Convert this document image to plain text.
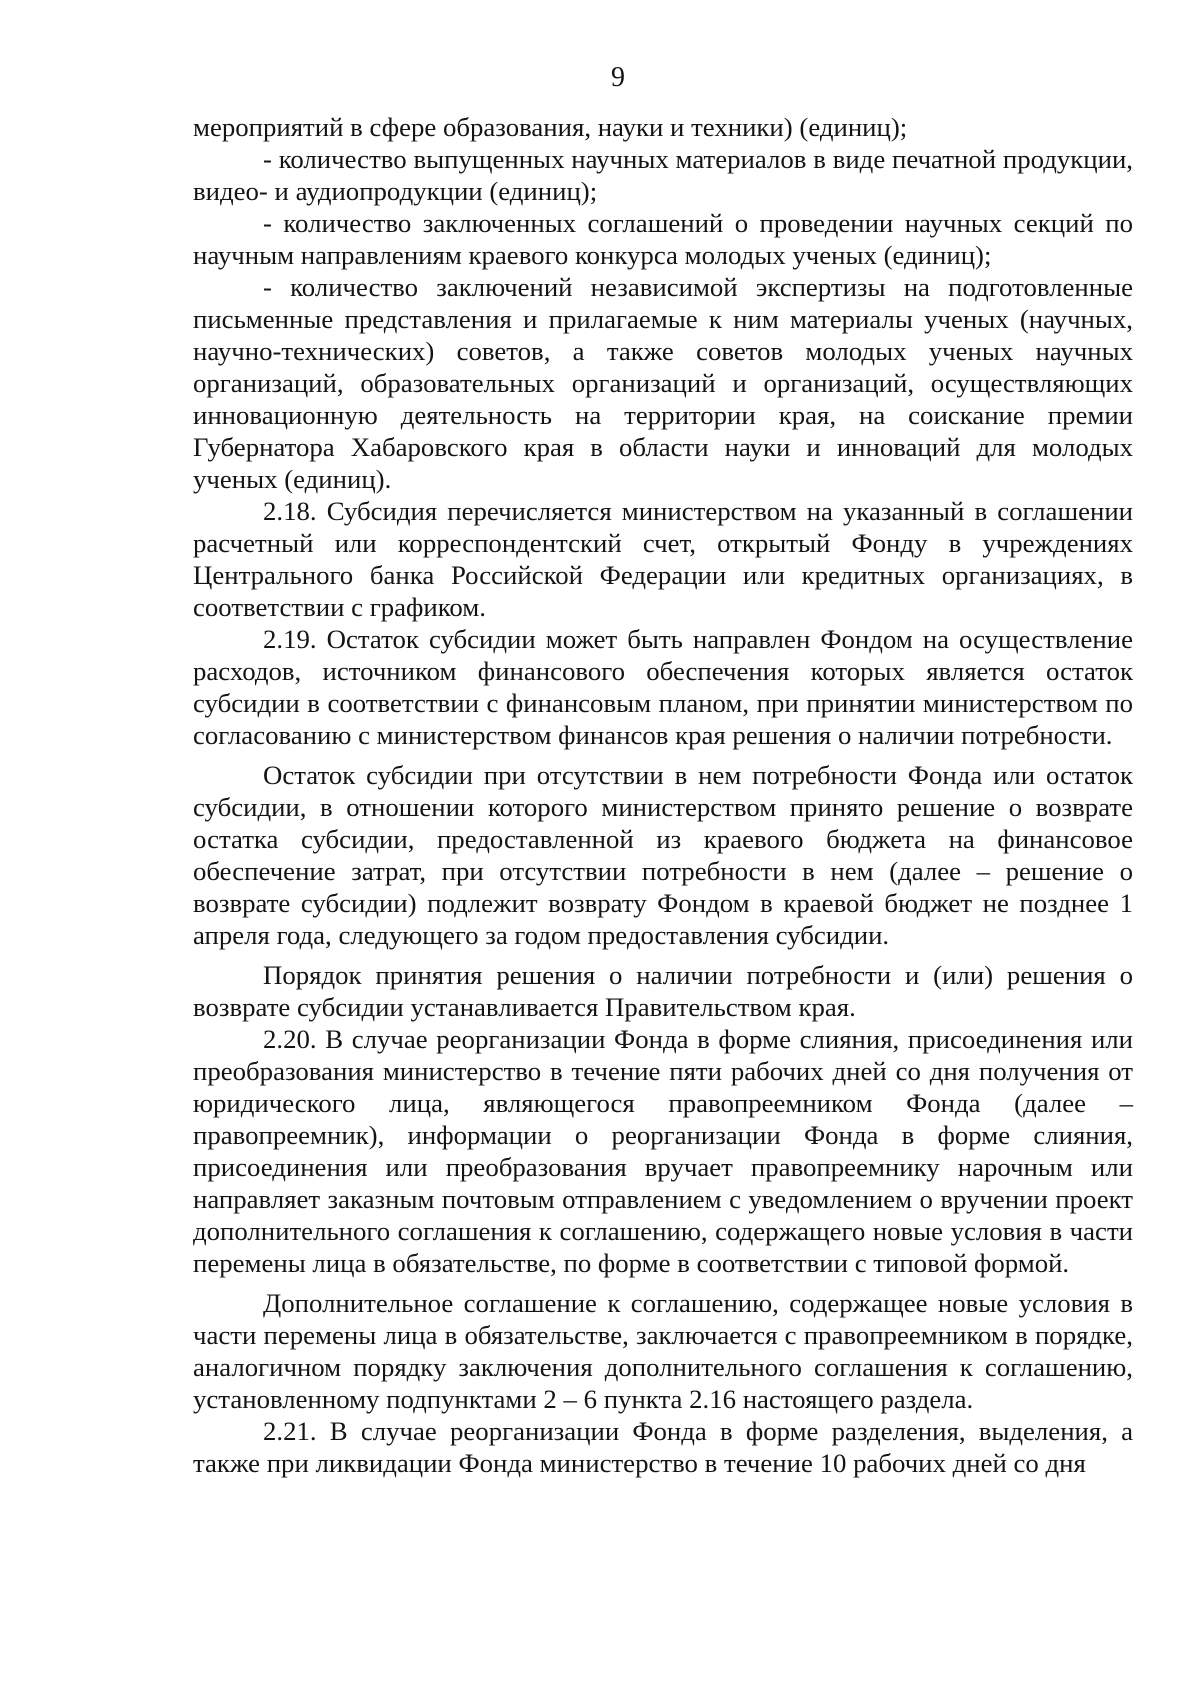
9

мероприятий в сфере образования, науки и техники) (единиц);

- количество выпущенных научных материалов в виде печатной продукции, видео- и аудиопродукции (единиц);

- количество заключенных соглашений о проведении научных секций по научным направлениям краевого конкурса молодых ученых (единиц);

- количество заключений независимой экспертизы на подготовленные письменные представления и прилагаемые к ним материалы ученых (научных, научно-технических) советов, а также советов молодых ученых научных организаций, образовательных организаций и организаций, осуществляющих инновационную деятельность на территории края, на соискание премии Губернатора Хабаровского края в области науки и инноваций для молодых ученых (единиц).

2.18. Субсидия перечисляется министерством на указанный в соглашении расчетный или корреспондентский счет, открытый Фонду в учреждениях Центрального банка Российской Федерации или кредитных организациях, в соответствии с графиком.

2.19. Остаток субсидии может быть направлен Фондом на осуществление расходов, источником финансового обеспечения которых является остаток субсидии в соответствии с финансовым планом, при принятии министерством по согласованию с министерством финансов края решения о наличии потребности.

Остаток субсидии при отсутствии в нем потребности Фонда или остаток субсидии, в отношении которого министерством принято решение о возврате остатка субсидии, предоставленной из краевого бюджета на финансовое обеспечение затрат, при отсутствии потребности в нем (далее – решение о возврате субсидии) подлежит возврату Фондом в краевой бюджет не позднее 1 апреля года, следующего за годом предоставления субсидии.

Порядок принятия решения о наличии потребности и (или) решения о возврате субсидии устанавливается Правительством края.

2.20. В случае реорганизации Фонда в форме слияния, присоединения или преобразования министерство в течение пяти рабочих дней со дня получения от юридического лица, являющегося правопреемником Фонда (далее – правопреемник), информации о реорганизации Фонда в форме слияния, присоединения или преобразования вручает правопреемнику нарочным или направляет заказным почтовым отправлением с уведомлением о вручении проект дополнительного соглашения к соглашению, содержащего новые условия в части перемены лица в обязательстве, по форме в соответствии с типовой формой.

Дополнительное соглашение к соглашению, содержащее новые условия в части перемены лица в обязательстве, заключается с правопреемником в порядке, аналогичном порядку заключения дополнительного соглашения к соглашению, установленному подпунктами 2 – 6 пункта 2.16 настоящего раздела.

2.21. В случае реорганизации Фонда в форме разделения, выделения, а также при ликвидации Фонда министерство в течение 10 рабочих дней со дня
